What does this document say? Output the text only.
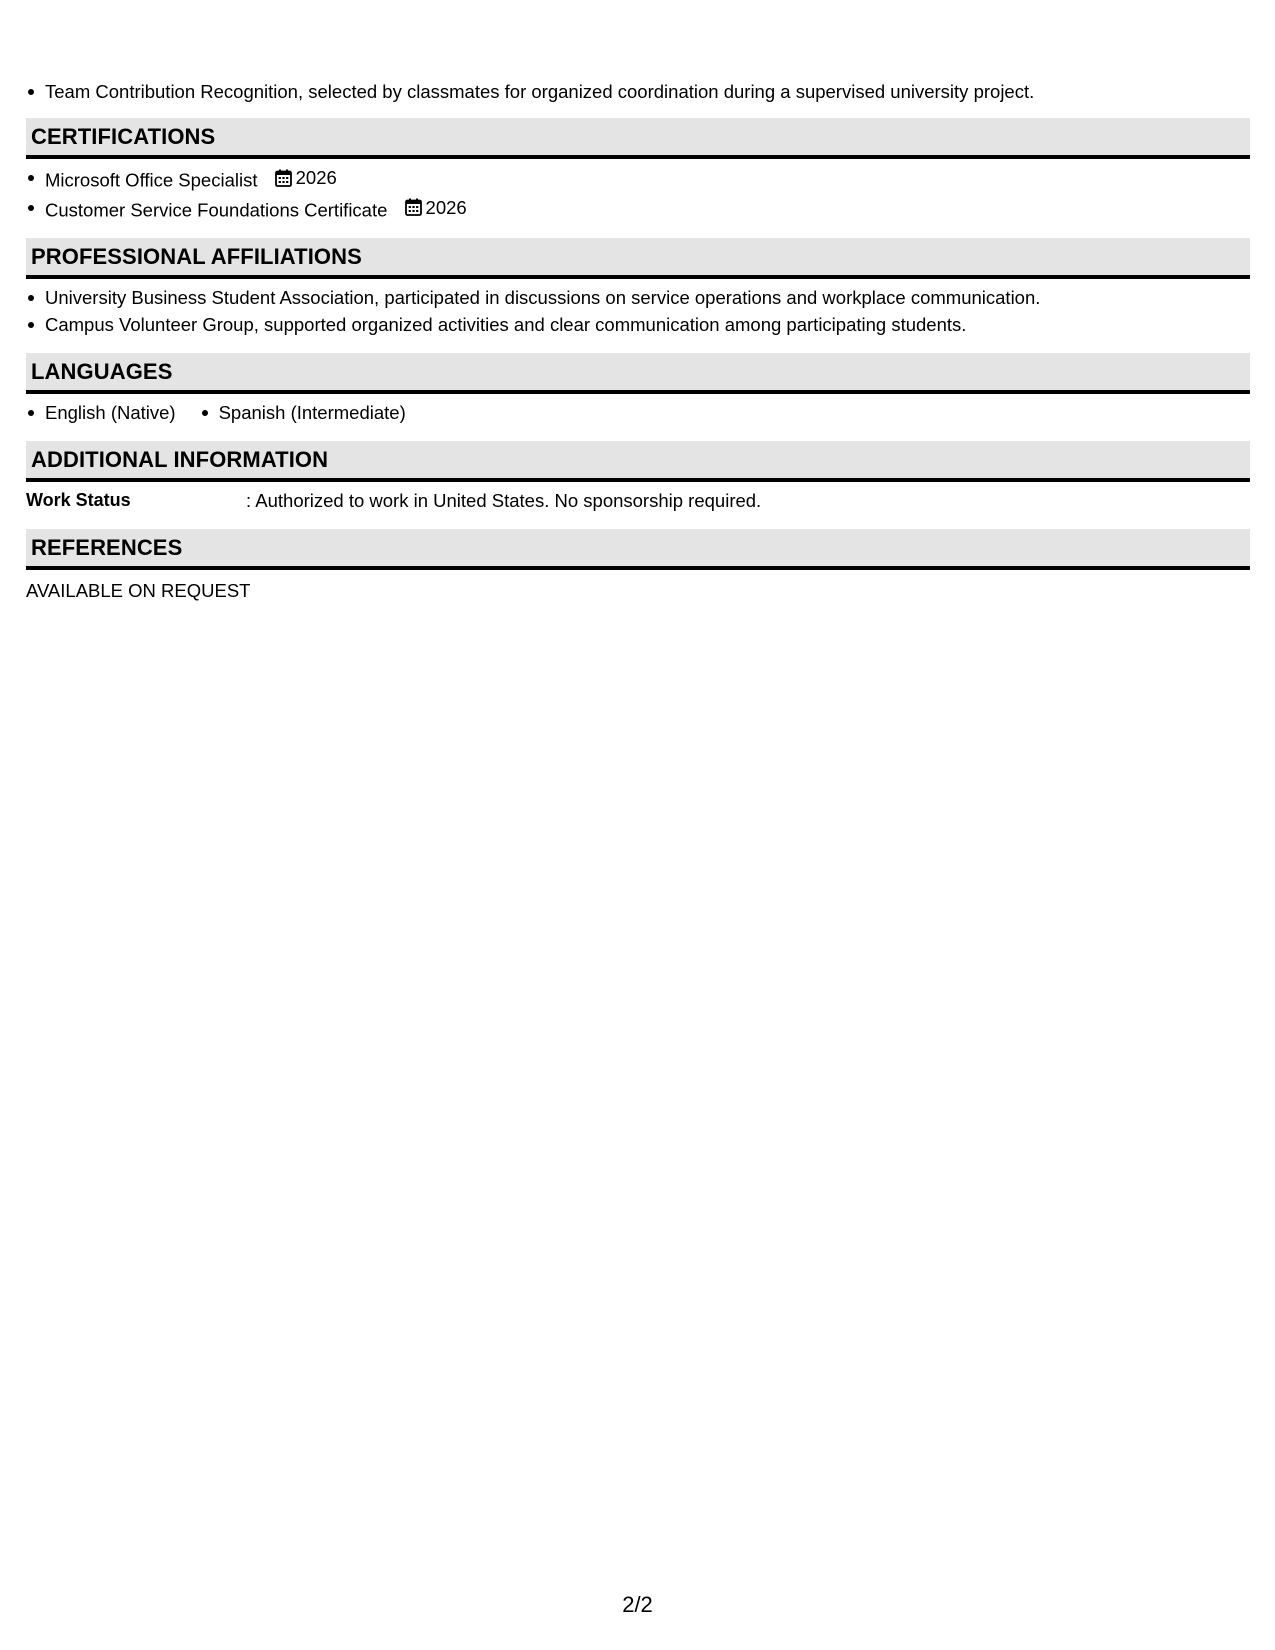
Team Contribution Recognition, selected by classmates for organized coordination during a supervised university project.
CERTIFICATIONS
Microsoft Office Specialist 2026
Customer Service Foundations Certificate 2026
PROFESSIONAL AFFILIATIONS
University Business Student Association, participated in discussions on service operations and workplace communication.
Campus Volunteer Group, supported organized activities and clear communication among participating students.
LANGUAGES
English (Native)	Spanish (Intermediate)
ADDITIONAL INFORMATION
Work Status	: Authorized to work in United States. No sponsorship required.
REFERENCES
AVAILABLE ON REQUEST
2/2
